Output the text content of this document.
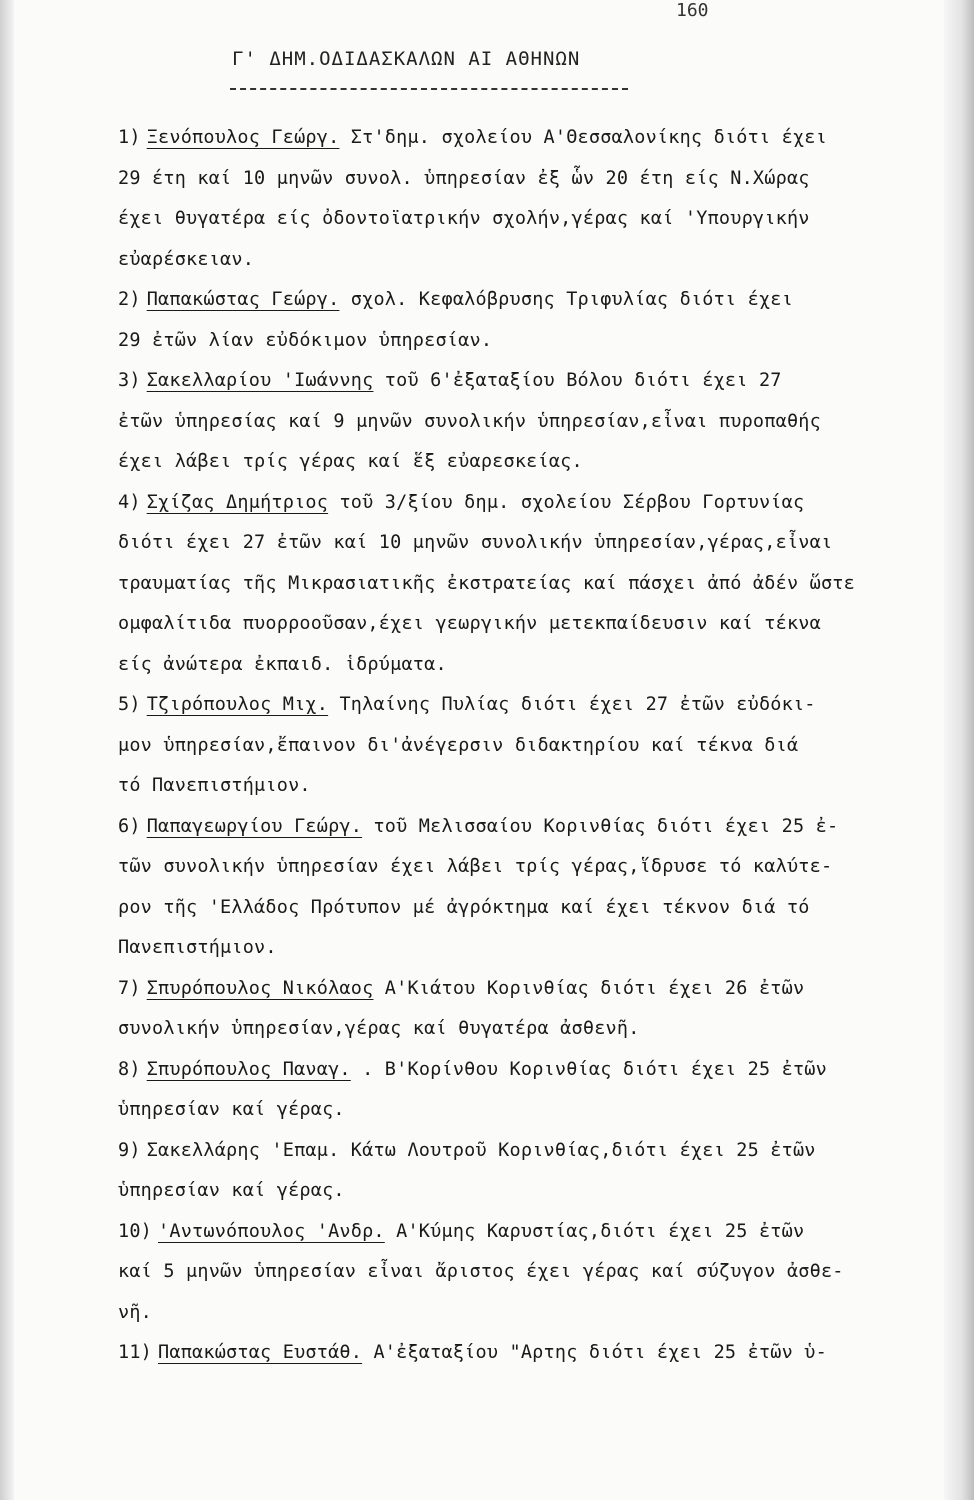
160
Γ' ΔΗΜ.ΟΔΙΔΑΣΚΑΛΩΝ ΑΙ ΑΘΗΝΩΝ
1) Ξενόπουλος Γεώργ. Στ'δημ. σχολείου Α'Θεσσαλονίκης διότι έχει
29 έτη καί 10 μηνῶν συνολ. ὑπηρεσίαν ἐξ ὧν 20 έτη είς Ν.Χώρας
έχει θυγατέρα είς ὀδοντοϊατρικήν σχολήν,γέρας καί 'Υπουργικήν
εὐαρέσκειαν.
2) Παπακώστας Γεώργ. σχολ. Κεφαλόβρυσης Τριφυλίας διότι έχει
29 ἐτῶν λίαν εὐδόκιμον ὑπηρεσίαν.
3) Σακελλαρίου 'Ιωάννης τοῦ 6'ἐξαταξίου Βόλου διότι έχει 27
ἐτῶν ὑπηρεσίας καί 9 μηνῶν συνολικήν ὑπηρεσίαν,εἶναι πυροπαθής
έχει λάβει τρίς γέρας καί ἕξ εὐαρεσκείας.
4) Σχίζας Δημήτριος τοῦ 3/ξίου δημ. σχολείου Σέρβου Γορτυνίας
διότι έχει 27 ἐτῶν καί 10 μηνῶν συνολικήν ὑπηρεσίαν,γέρας,εἶναι
τραυματίας τῆς Μικρασιατικῆς ἐκστρατείας καί πάσχει ἀπό ἀδέν ὥστε
ομφαλίτιδα πυορροοῦσαν,έχει γεωργικήν μετεκπαίδευσιν καί τέκνα
είς ἀνώτερα ἐκπαιδ. ἱδρύματα.
5) Τζιρόπουλος Μιχ. Τηλαίνης Πυλίας διότι έχει 27 ἐτῶν εὐδόκι-
μον ὑπηρεσίαν,ἔπαινον δι'ἀνέγερσιν διδακτηρίου καί τέκνα διά
τό Πανεπιστήμιον.
6) Παπαγεωργίου Γεώργ. τοῦ Μελισσαίου Κορινθίας διότι έχει 25 ἐ-
τῶν συνολικήν ὑπηρεσίαν έχει λάβει τρίς γέρας,ἵδρυσε τό καλύτε-
ρον τῆς 'Ελλάδος Πρότυπον μέ ἀγρόκτημα καί έχει τέκνον διά τό
Πανεπιστήμιον.
7) Σπυρόπουλος Νικόλαος Α'Κιάτου Κορινθίας διότι έχει 26 ἐτῶν
συνολικήν ὑπηρεσίαν,γέρας καί θυγατέρα ἀσθενῆ.
8) Σπυρόπουλος Παναγ. . Β'Κορίνθου Κορινθίας διότι έχει 25 ἐτῶν
ὑπηρεσίαν καί γέρας.
9) Σακελλάρης 'Επαμ. Κάτω Λουτροῦ Κορινθίας,διότι έχει 25 ἐτῶν
ὑπηρεσίαν καί γέρας.
10) 'Αντωνόπουλος 'Ανδρ. Α'Κύμης Καρυστίας,διότι έχει 25 ἐτῶν
καί 5 μηνῶν ὑπηρεσίαν εἶναι ἄριστος έχει γέρας καί σύζυγον ἀσθε-
νῆ.
11) Παπακώστας Ευστάθ. Α'ἐξαταξίου "Αρτης διότι έχει 25 ἐτῶν ὑ-
